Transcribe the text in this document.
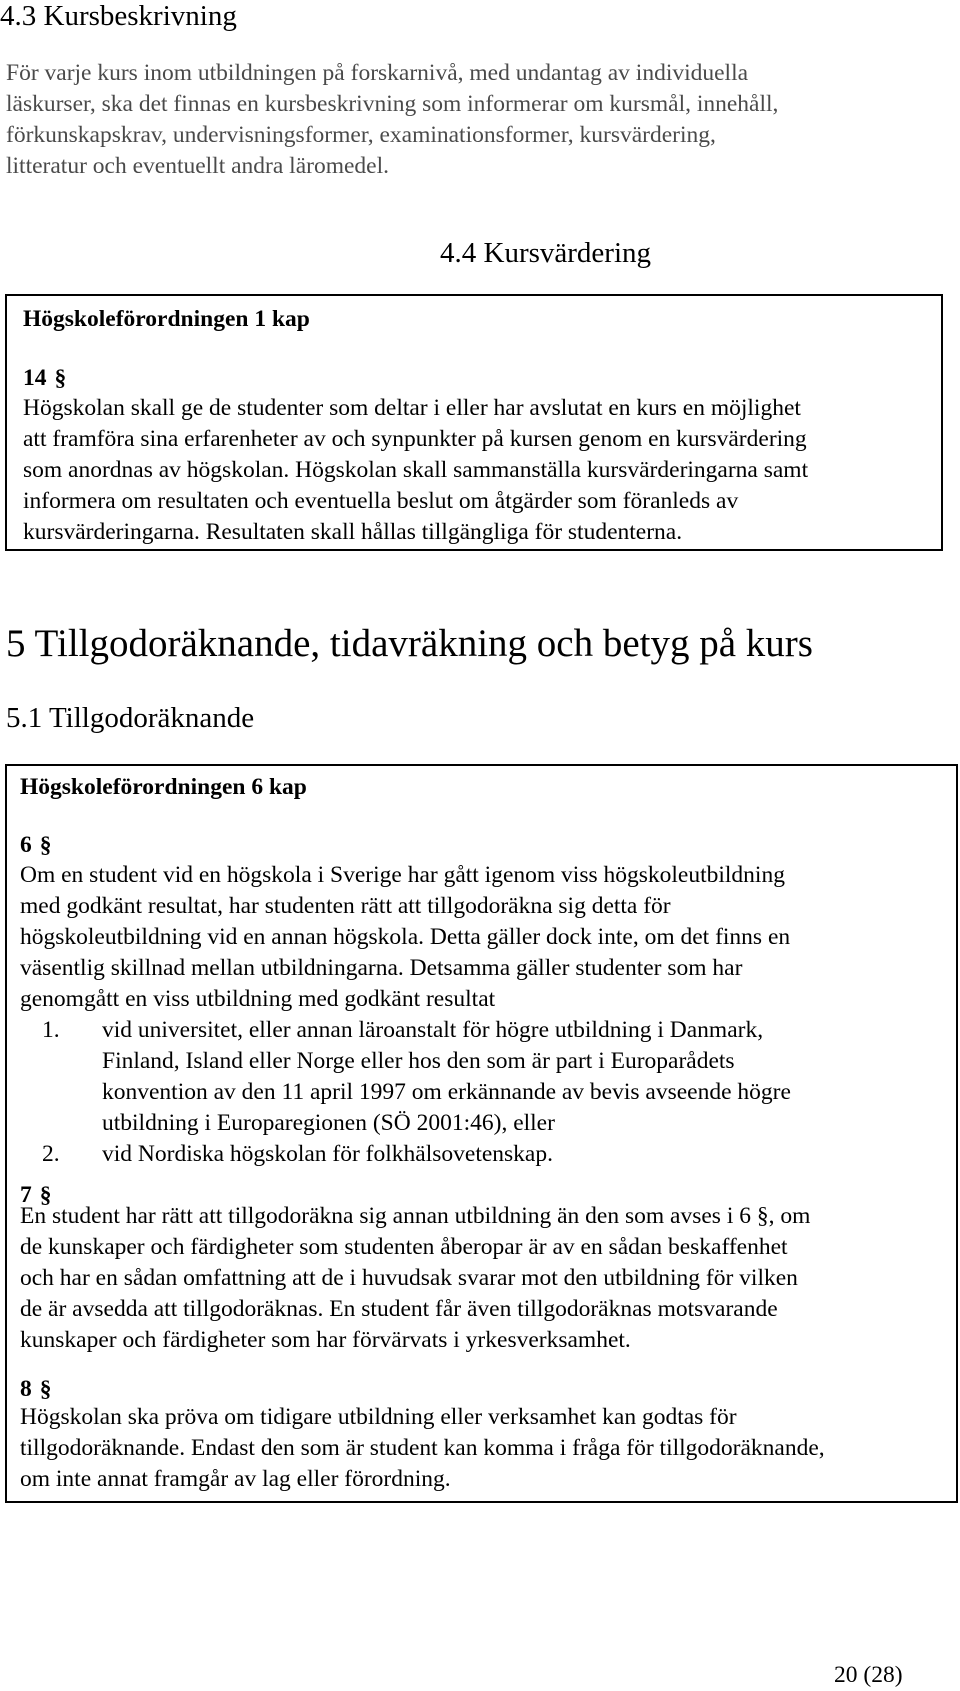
4.3 Kursbeskrivning
För varje kurs inom utbildningen på forskarnivå, med undantag av individuella
läskurser, ska det finnas en kursbeskrivning som informerar om kursmål, innehåll,
förkunskapskrav, undervisningsformer, examinationsformer, kursvärdering,
litteratur och eventuellt andra läromedel.
4.4 Kursvärdering
Högskoleförordningen 1 kap
14 §
Högskolan skall ge de studenter som deltar i eller har avslutat en kurs en möjlighet
att framföra sina erfarenheter av och synpunkter på kursen genom en kursvärdering
som anordnas av högskolan. Högskolan skall sammanställa kursvärderingarna samt
informera om resultaten och eventuella beslut om åtgärder som föranleds av
kursvärderingarna. Resultaten skall hållas tillgängliga för studenterna.
5 Tillgodoräknande, tidavräkning och betyg på kurs
5.1 Tillgodoräknande
Högskoleförordningen 6 kap
6 §
Om en student vid en högskola i Sverige har gått igenom viss högskoleutbildning
med godkänt resultat, har studenten rätt att tillgodoräkna sig detta för
högskoleutbildning vid en annan högskola. Detta gäller dock inte, om det finns en
väsentlig skillnad mellan utbildningarna. Detsamma gäller studenter som har
genomgått en viss utbildning med godkänt resultat
1. vid universitet, eller annan läroanstalt för högre utbildning i Danmark,
Finland, Island eller Norge eller hos den som är part i Europarådets
konvention av den 11 april 1997 om erkännande av bevis avseende högre
utbildning i Europaregionen (SÖ 2001:46), eller
2. vid Nordiska högskolan för folkhälsovetenskap.
7 §
En student har rätt att tillgodoräkna sig annan utbildning än den som avses i 6 §, om
de kunskaper och färdigheter som studenten åberopar är av en sådan beskaffenhet
och har en sådan omfattning att de i huvudsak svarar mot den utbildning för vilken
de är avsedda att tillgodoräknas. En student får även tillgodoräknas motsvarande
kunskaper och färdigheter som har förvärvats i yrkesverksamhet.
8 §
Högskolan ska pröva om tidigare utbildning eller verksamhet kan godtas för
tillgodoräknande. Endast den som är student kan komma i fråga för tillgodoräknande,
om inte annat framgår av lag eller förordning.
20 (28)
